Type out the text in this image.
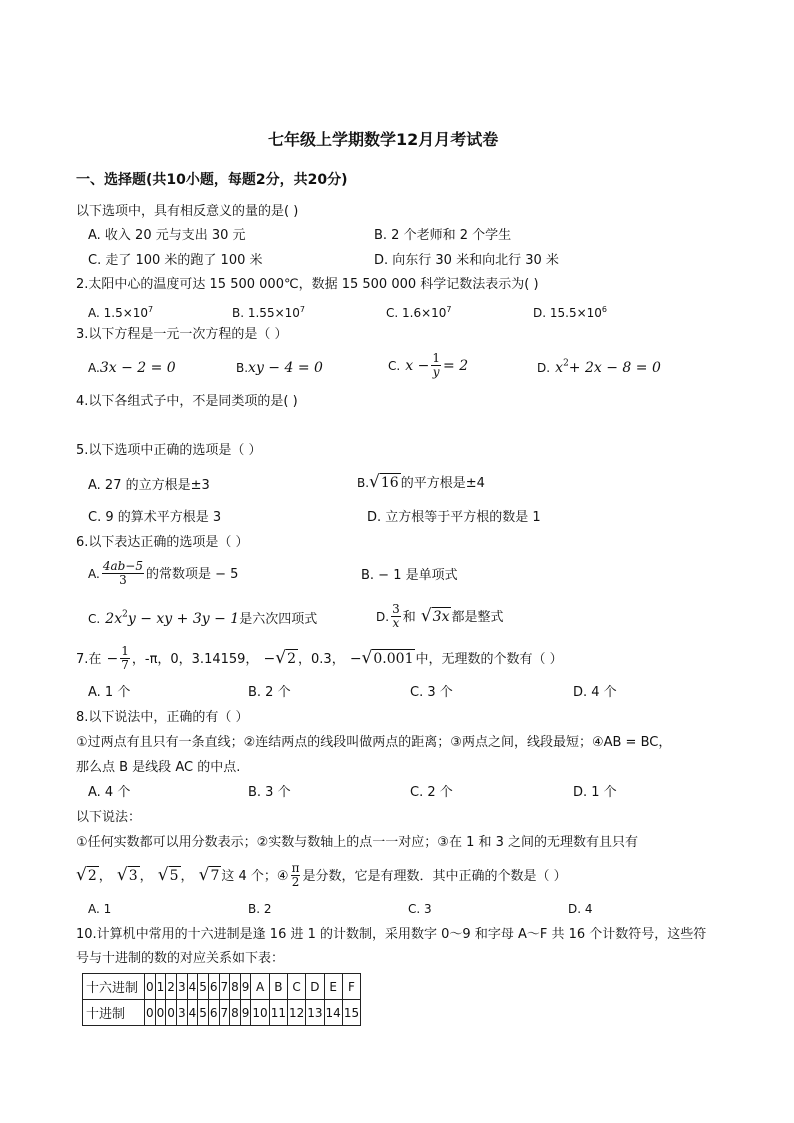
七年级上学期数学12月月考试卷
一、选择题(共10小题，每题2分，共20分)
以下选项中，具有相反意义的量的是( )
A. 收入 20 元与支出 30 元	B. 2 个老师和 2 个学生
C. 走了 100 米的跑了 100 米	D. 向东行 30 米和向北行 30 米
2.太阳中心的温度可达 15 500 000℃，数据 15 500 000 科学记数法表示为( )
A. $1.5\times 10^7$	B. $1.55\times 10^7$	C. $1.6\times 10^7$	D. $15.5\times 10^6$
3.以下方程是一元一次方程的是（ ）
A.3x − 2 = 0	B.xy − 4 = 0	C. $x - \frac{1}{y} = 2$	D. $x^2+ 2x - 8 = 0$
4.以下各组式子中，不是同类项的是( )
5.以下选项中正确的选项是（ ）
A. 27 的立方根是±3	B. √ 16 的平方根是±4
C. 9 的算术平方根是 3	D. 立方根等于平方根的数是 1
6.以下表达正确的选项是（ ）
A. $\frac{4ab-5}{3}$ 的常数项是 − 5	B. − 1 是单项式
C. $2x^2y$ − xy + 3y − 1是六次四项式	D. $\frac{3}{x}$ 和 √ 3x 都是整式
7.在 − $\frac{1}{7}$ ，-π，0，3.14159， − √ 2 ，0.3， − √ 0.001 中，无理数的个数有（ ）
A. 1 个	B. 2 个	C. 3 个	D. 4 个
8.以下说法中，正确的有（ ）
①过两点有且只有一条直线；②连结两点的线段叫做两点的距离；③两点之间，线段最短；④AB = BC，
那么点 B 是线段 AC 的中点.
A. 4 个	B. 3 个	C. 2 个	D. 1 个
以下说法：
①任何实数都可以用分数表示；②实数与数轴上的点一一对应；③在 1 和 3 之间的无理数有且只有
√ 2 ， √ 3 ， √ 5 ， √ 7 这 4 个；④ $\frac{\pi}{2}$ 是分数，它是有理数．其中正确的个数是（ ）
A. 1	B. 2	C. 3	D. 4
10.计算机中常用的十六进制是逢 16 进 1 的计数制，采用数字 0～9 和字母 A～F 共 16 个计数符号，这些符
号与十进制的数的对应关系如下表：
十六进制	0	1	2	3	4	5	6	7	8	9	A	B	C	D	E	F
十进制	0	0	0	3	4	5	6	7	8	9	10	11	12	13	14	15
